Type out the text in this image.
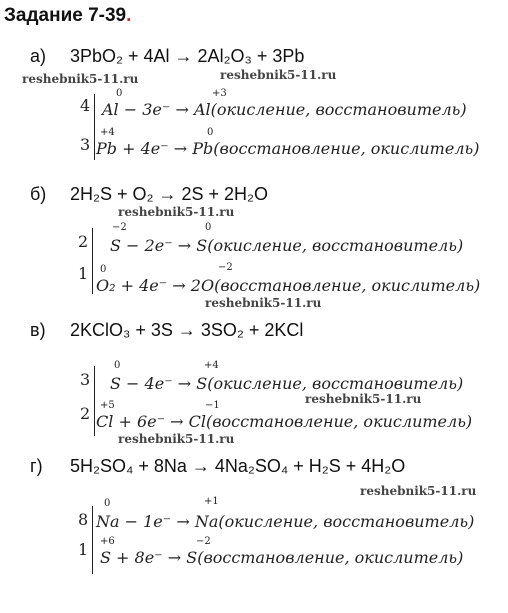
Задание 7-39.
а) 3PbO₂ + 4Al → 2Al₂O₃ + 3Pb
reshebnik5-11.ru	reshebnik5-11.ru
4
3
0	+3
Al − 3e⁻ → Al(окисление, восстановитель)
+4	0
Pb + 4e⁻ → Pb(восстановление, окислитель)
б) 2H₂S + O₂ → 2S + 2H₂O
reshebnik5-11.ru
2
1
−2	0
S − 2e⁻ → S(окисление, восстановитель)
0	−2
O₂ + 4e⁻ → 2O(восстановление, окислитель)
reshebnik5-11.ru
в) 2KClO₃ + 3S → 3SO₂ + 2KCl
3
2
0	+4
S − 4e⁻ → S(окисление, восстановитель)
reshebnik5-11.ru
+5	−1
Cl + 6e⁻ → Cl(восстановление, окислитель)
reshebnik5-11.ru
г) 5H₂SO₄ + 8Na → 4Na₂SO₄ + H₂S + 4H₂O
reshebnik5-11.ru
8
1
0	+1
Na − 1e⁻ → Na(окисление, восстановитель)
+6	−2
S + 8e⁻ → S(восстановление, окислитель)
